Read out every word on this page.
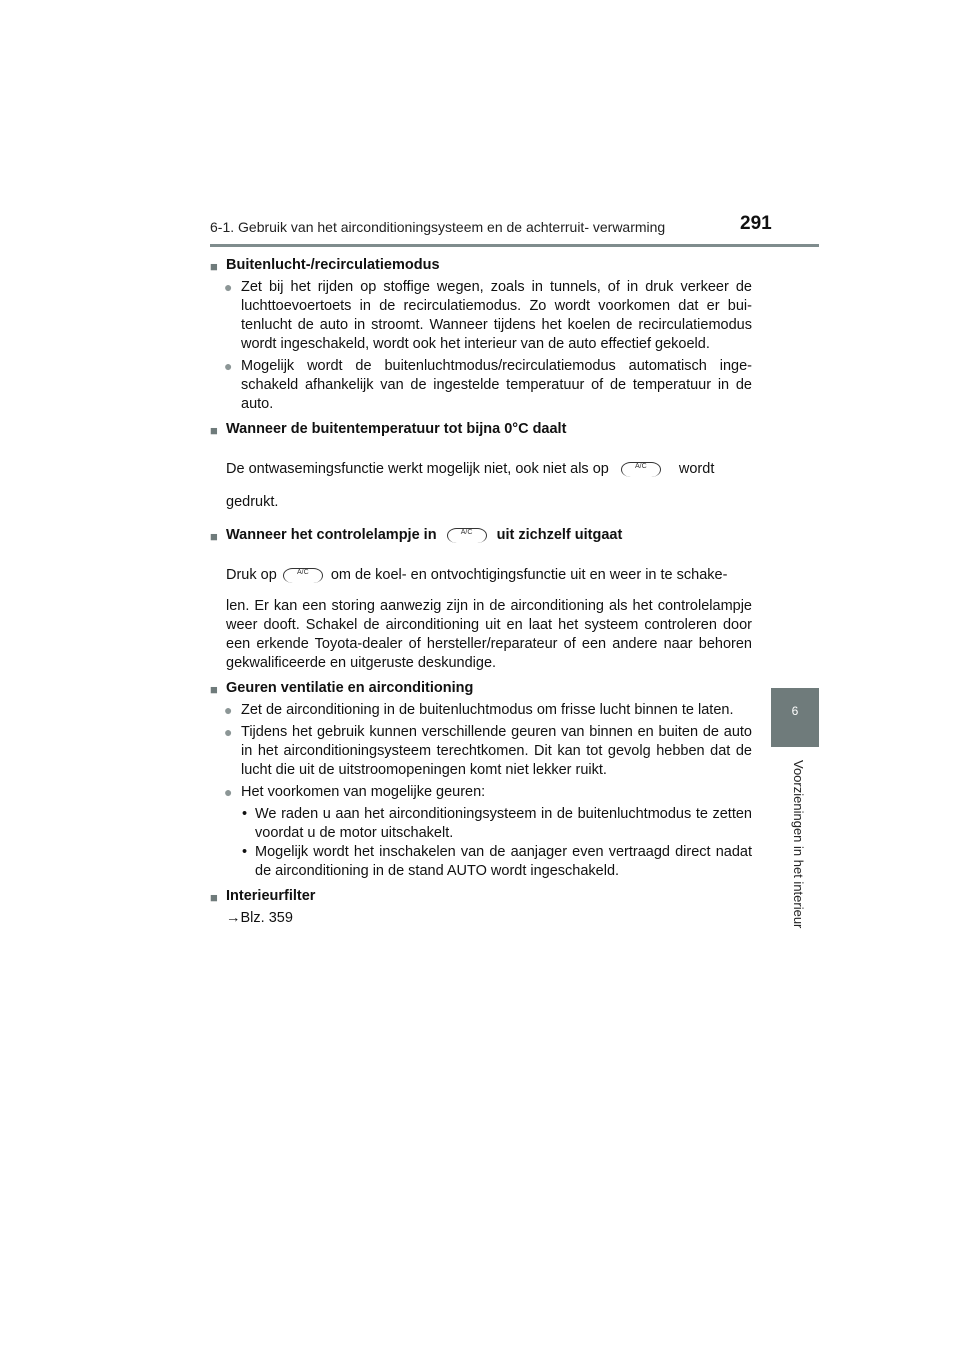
6-1. Gebruik van het airconditioningsysteem en de achterruit- verwarming	291
6
Voorzieningen in het interieur
■ Buitenlucht-/recirculatiemodus
● Zet bij het rijden op stoffige wegen, zoals in tunnels, of in druk verkeer de luchttoevoertoets in de recirculatiemodus. Zo wordt voorkomen dat er buitenlucht de auto in stroomt. Wanneer tijdens het koelen de recirculatiemodus wordt ingeschakeld, wordt ook het interieur van de auto effectief gekoeld.
● Mogelijk wordt de buitenluchtmodus/recirculatiemodus automatisch ingeschakeld afhankelijk van de ingestelde temperatuur of de temperatuur in de auto.
■ Wanneer de buitentemperatuur tot bijna 0°C daalt
De ontwasemingsfunctie werkt mogelijk niet, ook niet als op	A/C wordt
gedrukt.
■ Wanneer het controlelampje in	A/C uit zichzelf uitgaat
Druk op	A/C om de koel- en ontvochtigingsfunctie uit en weer in te schake-
len. Er kan een storing aanwezig zijn in de airconditioning als het controlelampje weer dooft. Schakel de airconditioning uit en laat het systeem controleren door een erkende Toyota-dealer of hersteller/reparateur of een andere naar behoren gekwalificeerde en uitgeruste deskundige.
■ Geuren ventilatie en airconditioning
● Zet de airconditioning in de buitenluchtmodus om frisse lucht binnen te laten.
● Tijdens het gebruik kunnen verschillende geuren van binnen en buiten de auto in het airconditioningsysteem terechtkomen. Dit kan tot gevolg hebben dat de lucht die uit de uitstroomopeningen komt niet lekker ruikt.
● Het voorkomen van mogelijke geuren:
• We raden u aan het airconditioningsysteem in de buitenluchtmodus te zetten voordat u de motor uitschakelt.
• Mogelijk wordt het inschakelen van de aanjager even vertraagd direct nadat de airconditioning in de stand AUTO wordt ingeschakeld.
■ Interieurfilter
→Blz. 359
